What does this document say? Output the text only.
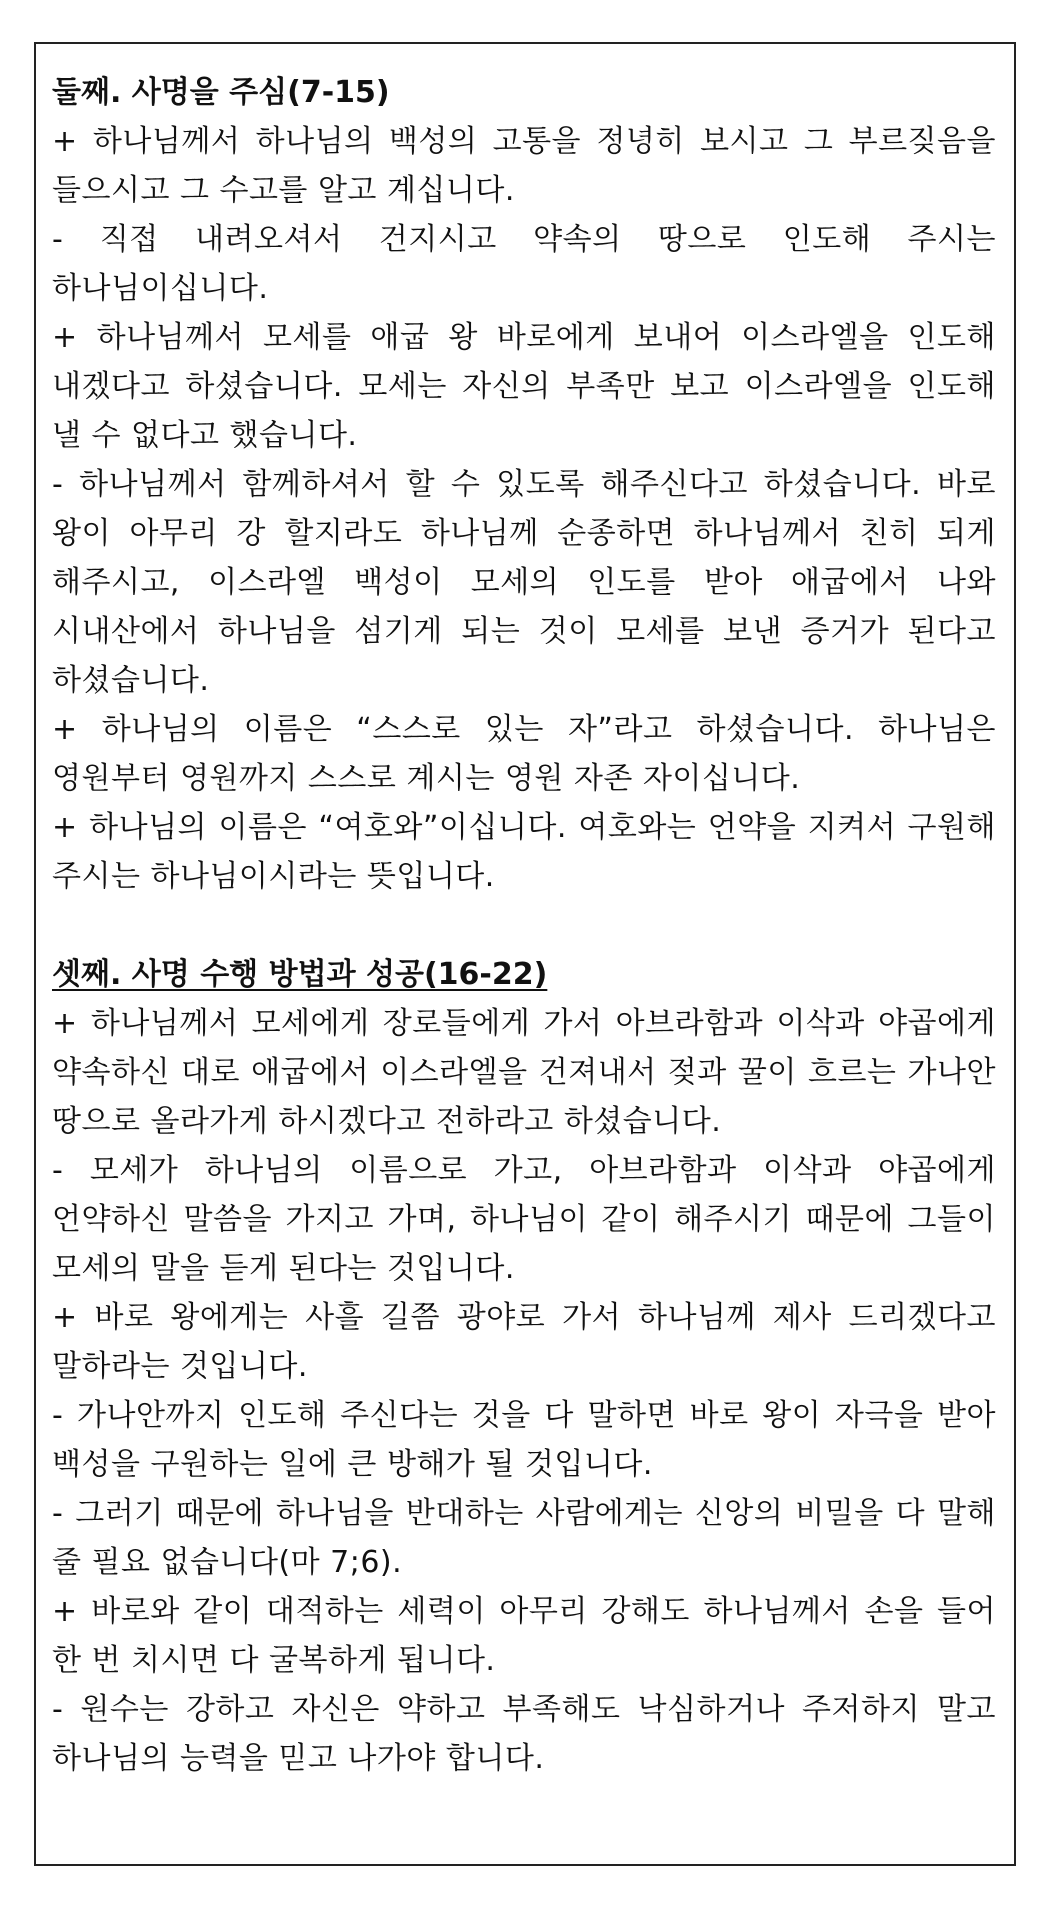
둘째. 사명을 주심(7-15)

+ 하나님께서 하나님의 백성의 고통을 정녕히 보시고 그 부르짖음을 들으시고 그 수고를 알고 계십니다.

- 직접 내려오셔서 건지시고 약속의 땅으로 인도해 주시는 하나님이십니다.

+ 하나님께서 모세를 애굽 왕 바로에게 보내어 이스라엘을 인도해 내겠다고 하셨습니다. 모세는 자신의 부족만 보고 이스라엘을 인도해 낼 수 없다고 했습니다.

- 하나님께서 함께하셔서 할 수 있도록 해주신다고 하셨습니다. 바로 왕이 아무리 강 할지라도 하나님께 순종하면 하나님께서 친히 되게 해주시고, 이스라엘 백성이 모세의 인도를 받아 애굽에서 나와 시내산에서 하나님을 섬기게 되는 것이 모세를 보낸 증거가 된다고 하셨습니다.

+ 하나님의 이름은 “스스로 있는 자”라고 하셨습니다. 하나님은 영원부터 영원까지 스스로 계시는 영원 자존 자이십니다.

+ 하나님의 이름은 “여호와”이십니다. 여호와는 언약을 지켜서 구원해 주시는 하나님이시라는 뜻입니다.

셋째. 사명 수행 방법과 성공(16-22)

+ 하나님께서 모세에게 장로들에게 가서 아브라함과 이삭과 야곱에게 약속하신 대로 애굽에서 이스라엘을 건져내서 젖과 꿀이 흐르는 가나안 땅으로 올라가게 하시겠다고 전하라고 하셨습니다.

- 모세가 하나님의 이름으로 가고, 아브라함과 이삭과 야곱에게 언약하신 말씀을 가지고 가며, 하나님이 같이 해주시기 때문에 그들이 모세의 말을 듣게 된다는 것입니다.

+ 바로 왕에게는 사흘 길쯤 광야로 가서 하나님께 제사 드리겠다고 말하라는 것입니다.

- 가나안까지 인도해 주신다는 것을 다 말하면 바로 왕이 자극을 받아 백성을 구원하는 일에 큰 방해가 될 것입니다.

- 그러기 때문에 하나님을 반대하는 사람에게는 신앙의 비밀을 다 말해 줄 필요 없습니다(마 7;6).

+ 바로와 같이 대적하는 세력이 아무리 강해도 하나님께서 손을 들어 한 번 치시면 다 굴복하게 됩니다.

- 원수는 강하고 자신은 약하고 부족해도 낙심하거나 주저하지 말고 하나님의 능력을 믿고 나가야 합니다.
